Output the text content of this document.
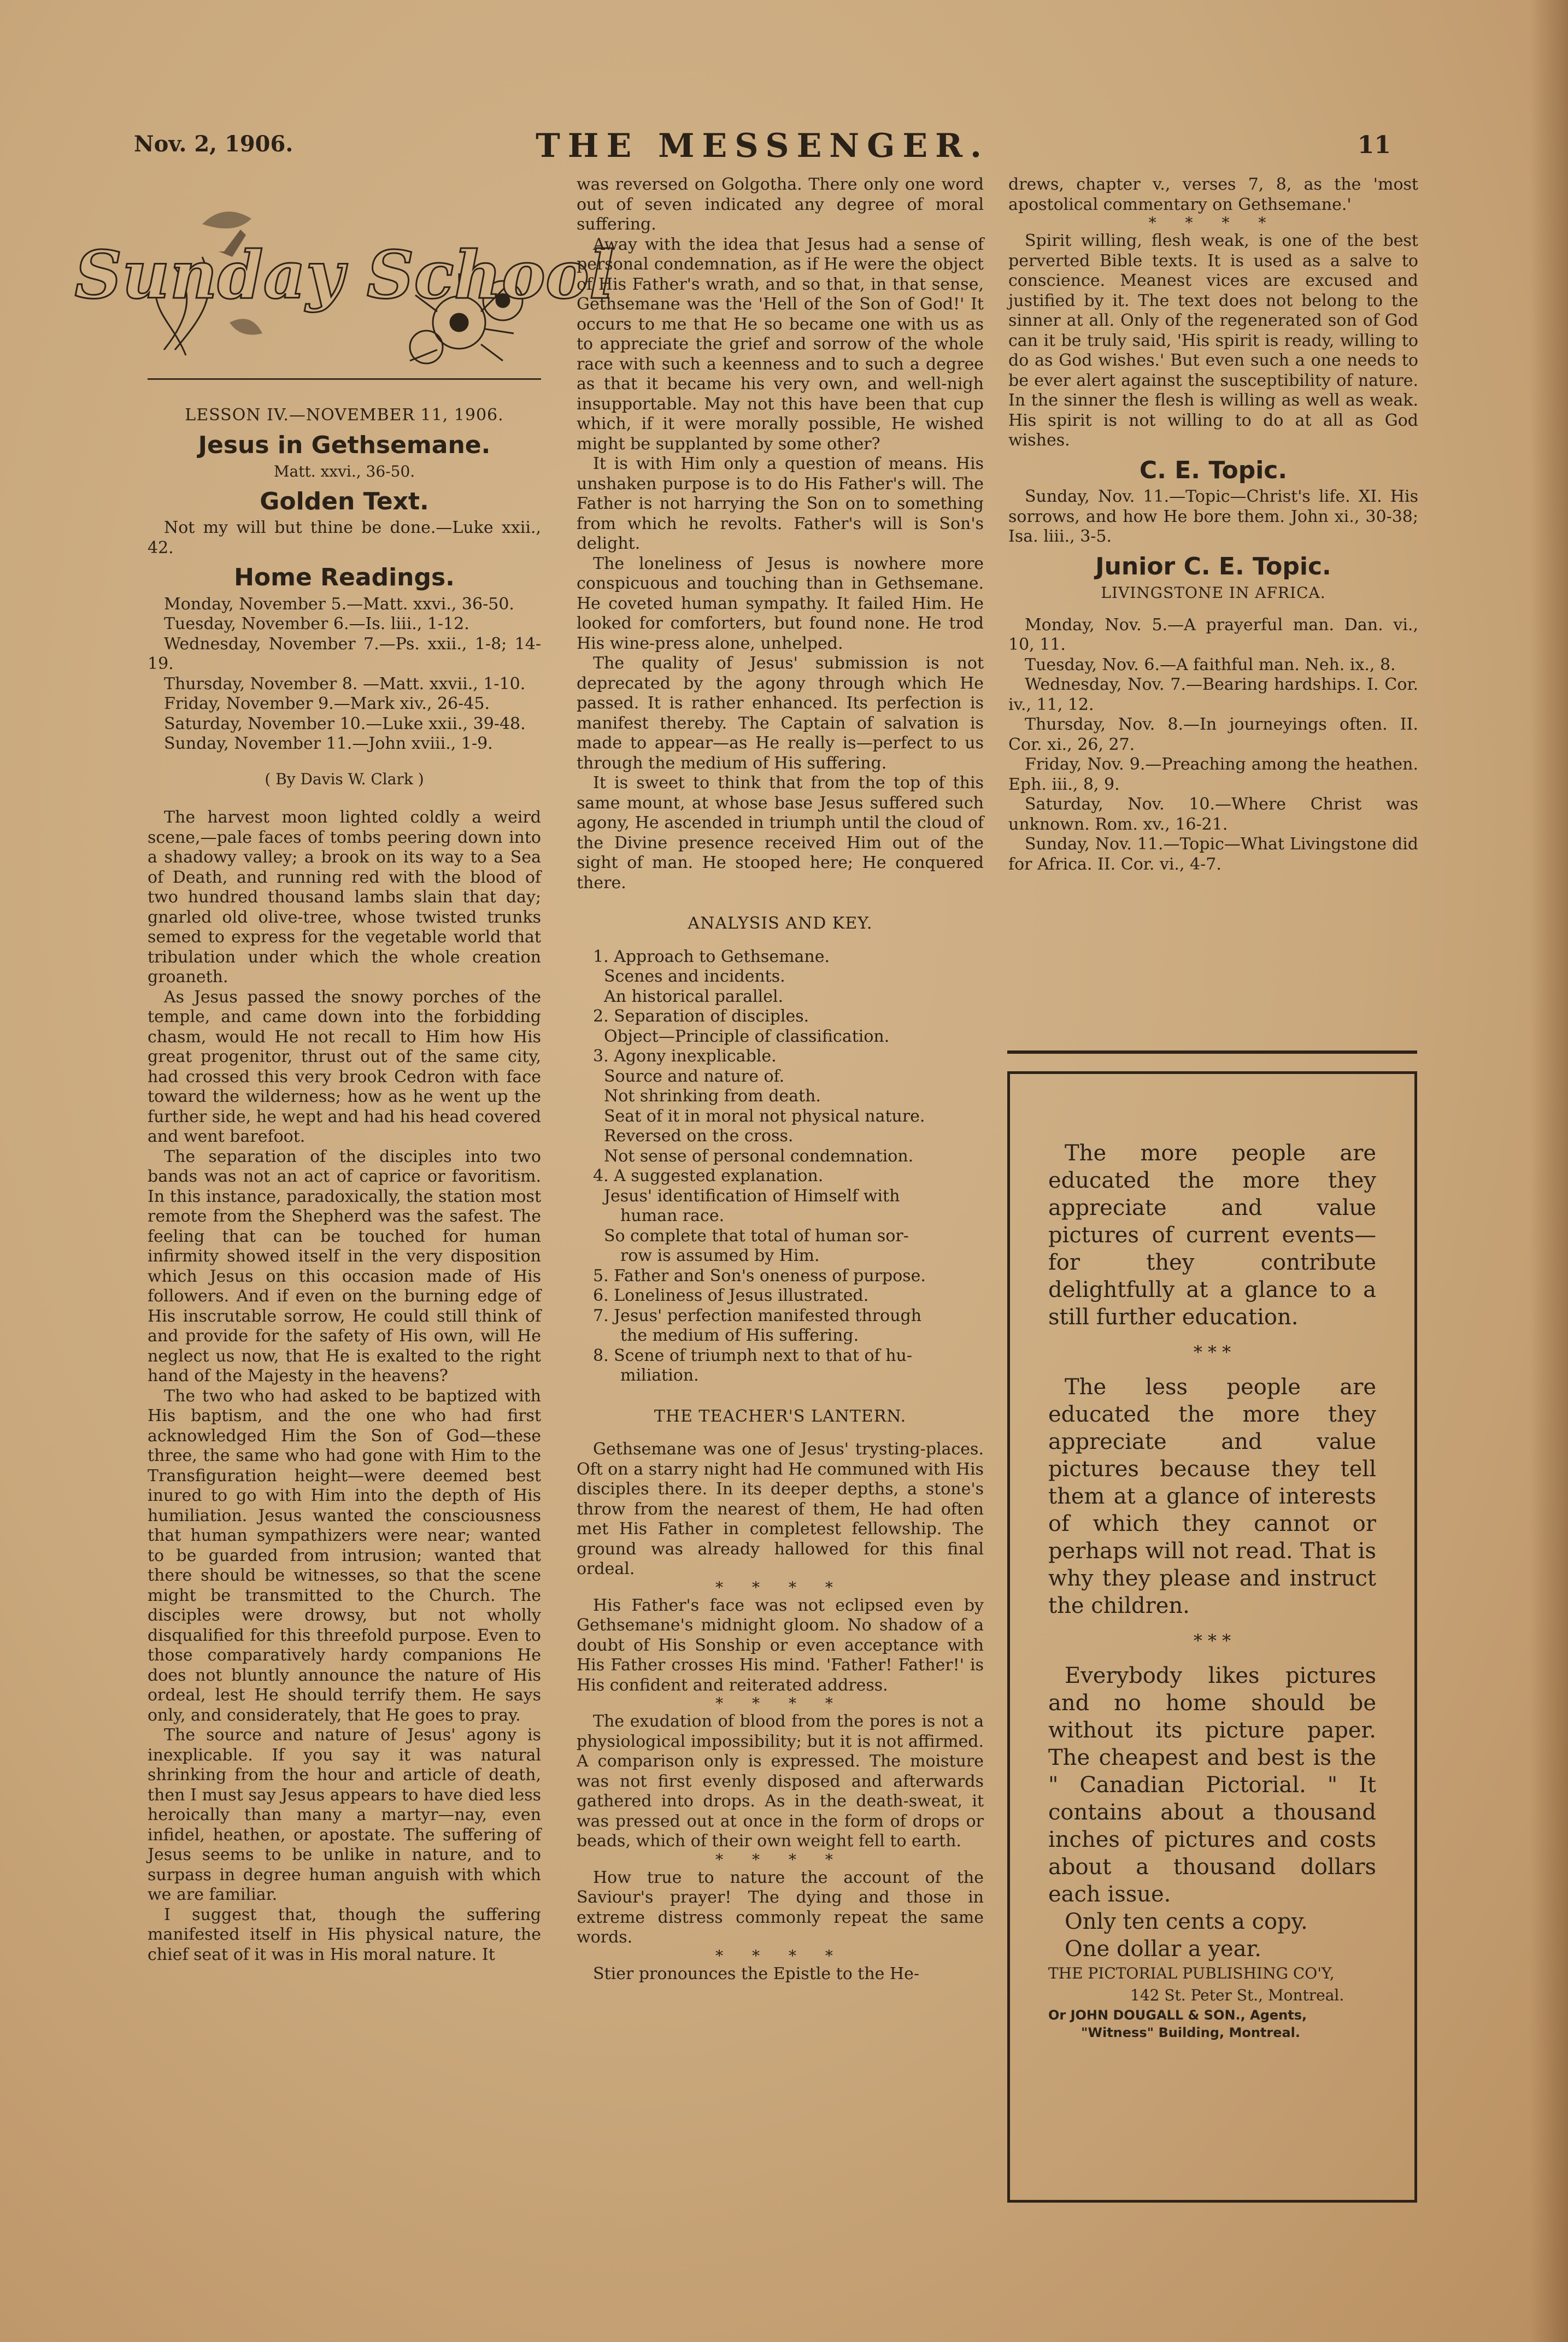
Nov. 2, 1906.	THE MESSENGER.	11
Sunday School
LESSON IV.—NOVEMBER 11, 1906.
Jesus in Gethsemane.
Matt. xxvi., 36-50.
Golden Text.

Not my will but thine be done.—Luke xxii., 42.

Home Readings.

Monday, November 5.—Matt. xxvi., 36-50.

Tuesday, November 6.—Is. liii., 1-12.

Wednesday, November 7.—Ps. xxii., 1-8; 14-19.

Thursday, November 8. —Matt. xxvii., 1-10.

Friday, November 9.—Mark xiv., 26-45.

Saturday, November 10.—Luke xxii., 39-48.

Sunday, November 11.—John xviii., 1-9.

( By Davis W. Clark )

The harvest moon lighted coldly a weird scene,—pale faces of tombs peering down into a shadowy valley; a brook on its way to a Sea of Death, and running red with the blood of two hundred thousand lambs slain that day; gnarled old olive-tree, whose twisted trunks semed to express for the vegetable world that tribulation under which the whole creation groaneth.

As Jesus passed the snowy porches of the temple, and came down into the forbidding chasm, would He not recall to Him how His great progenitor, thrust out of the same city, had crossed this very brook Cedron with face toward the wilderness; how as he went up the further side, he wept and had his head covered and went barefoot.

The separation of the disciples into two bands was not an act of caprice or favoritism. In this instance, paradoxically, the station most remote from the Shepherd was the safest. The feeling that can be touched for human infirmity showed itself in the very disposition which Jesus on this occasion made of His followers. And if even on the burning edge of His inscrutable sorrow, He could still think of and provide for the safety of His own, will He neglect us now, that He is exalted to the right hand of the Majesty in the heavens?

The two who had asked to be baptized with His baptism, and the one who had first acknowledged Him the Son of God—these three, the same who had gone with Him to the Transfiguration height—were deemed best inured to go with Him into the depth of His humiliation. Jesus wanted the consciousness that human sympathizers were near; wanted to be guarded from intrusion; wanted that there should be witnesses, so that the scene might be transmitted to the Church. The disciples were drowsy, but not wholly disqualified for this threefold purpose. Even to those comparatively hardy companions He does not bluntly announce the nature of His ordeal, lest He should terrify them. He says only, and considerately, that He goes to pray.

The source and nature of Jesus' agony is inexplicable. If you say it was natural shrinking from the hour and article of death, then I must say Jesus appears to have died less heroically than many a martyr—nay, even infidel, heathen, or apostate. The suffering of Jesus seems to be unlike in nature, and to surpass in degree human anguish with which we are familiar.

I suggest that, though the suffering manifested itself in His physical nature, the chief seat of it was in His moral nature. It

was reversed on Golgotha. There only one word out of seven indicated any degree of moral suffering.

Away with the idea that Jesus had a sense of personal condemnation, as if He were the object of His Father's wrath, and so that, in that sense, Gethsemane was the 'Hell of the Son of God!' It occurs to me that He so became one with us as to appreciate the grief and sorrow of the whole race with such a keenness and to such a degree as that it became his very own, and well-nigh insupportable. May not this have been that cup which, if it were morally possible, He wished might be supplanted by some other?

It is with Him only a question of means. His unshaken purpose is to do His Father's will. The Father is not harrying the Son on to something from which he revolts. Father's will is Son's delight.

The loneliness of Jesus is nowhere more conspicuous and touching than in Gethsemane. He coveted human sympathy. It failed Him. He looked for comforters, but found none. He trod His wine-press alone, unhelped.

The quality of Jesus' submission is not deprecated by the agony through which He passed. It is rather enhanced. Its perfection is manifest thereby. The Captain of salvation is made to appear—as He really is—perfect to us through the medium of His suffering.

It is sweet to think that from the top of this same mount, at whose base Jesus suffered such agony, He ascended in triumph until the cloud of the Divine presence received Him out of the sight of man. He stooped here; He conquered there.

ANALYSIS AND KEY.
1. Approach to Gethsemane.
Scenes and incidents.
An historical parallel.
2. Separation of disciples.
Object—Principle of classification.
3. Agony inexplicable.
Source and nature of.
Not shrinking from death.
Seat of it in moral not physical nature.
Reversed on the cross.
Not sense of personal condemnation.
4. A suggested explanation.
Jesus' identification of Himself with
human race.
So complete that total of human sor-
row is assumed by Him.
5. Father and Son's oneness of purpose.
6. Loneliness of Jesus illustrated.
7. Jesus' perfection manifested through
the medium of His suffering.
8. Scene of triumph next to that of hu-
miliation.
THE TEACHER'S LANTERN.

Gethsemane was one of Jesus' trysting-places. Oft on a starry night had He communed with His disciples there. In its deeper depths, a stone's throw from the nearest of them, He had often met His Father in completest fellowship. The ground was already hallowed for this final ordeal.

* * * *

His Father's face was not eclipsed even by Gethsemane's midnight gloom. No shadow of a doubt of His Sonship or even acceptance with His Father crosses His mind. 'Father! Father!' is His confident and reiterated address.

* * * *

The exudation of blood from the pores is not a physiological impossibility; but it is not affirmed. A comparison only is expressed. The moisture was not first evenly disposed and afterwards gathered into drops. As in the death-sweat, it was pressed out at once in the form of drops or beads, which of their own weight fell to earth.

* * * *

How true to nature the account of the Saviour's prayer! The dying and those in extreme distress commonly repeat the same words.

* * * *

Stier pronounces the Epistle to the He-

drews, chapter v., verses 7, 8, as the 'most apostolical commentary on Gethsemane.'

* * * *

Spirit willing, flesh weak, is one of the best perverted Bible texts. It is used as a salve to conscience. Meanest vices are excused and justified by it. The text does not belong to the sinner at all. Only of the regenerated son of God can it be truly said, 'His spirit is ready, willing to do as God wishes.' But even such a one needs to be ever alert against the susceptibility of nature. In the sinner the flesh is willing as well as weak. His spirit is not willing to do at all as God wishes.

C. E. Topic.

Sunday, Nov. 11.—Topic—Christ's life. XI. His sorrows, and how He bore them. John xi., 30-38; Isa. liii., 3-5.

Junior C. E. Topic.
LIVINGSTONE IN AFRICA.

Monday, Nov. 5.—A prayerful man. Dan. vi., 10, 11.

Tuesday, Nov. 6.—A faithful man. Neh. ix., 8.

Wednesday, Nov. 7.—Bearing hardships. I. Cor. iv., 11, 12.

Thursday, Nov. 8.—In journeyings often. II. Cor. xi., 26, 27.

Friday, Nov. 9.—Preaching among the heathen. Eph. iii., 8, 9.

Saturday, Nov. 10.—Where Christ was unknown. Rom. xv., 16-21.

Sunday, Nov. 11.—Topic—What Livingstone did for Africa. II. Cor. vi., 4-7.

The more people are educated the more they appreciate and value pictures of current events—for they contribute delightfully at a glance to a still further education.

* * *

The less people are educated the more they appreciate and value pictures because they tell them at a glance of interests of which they cannot or perhaps will not read. That is why they please and instruct the children.

* * *

Everybody likes pictures and no home should be without its picture paper. The cheapest and best is the " Canadian Pictorial. " It contains about a thousand inches of pictures and costs about a thousand dollars each issue.

Only ten cents a copy.

One dollar a year.

THE PICTORIAL PUBLISHING CO'Y,

142 St. Peter St., Montreal.

Or JOHN DOUGALL & SON., Agents,

"Witness" Building, Montreal.
